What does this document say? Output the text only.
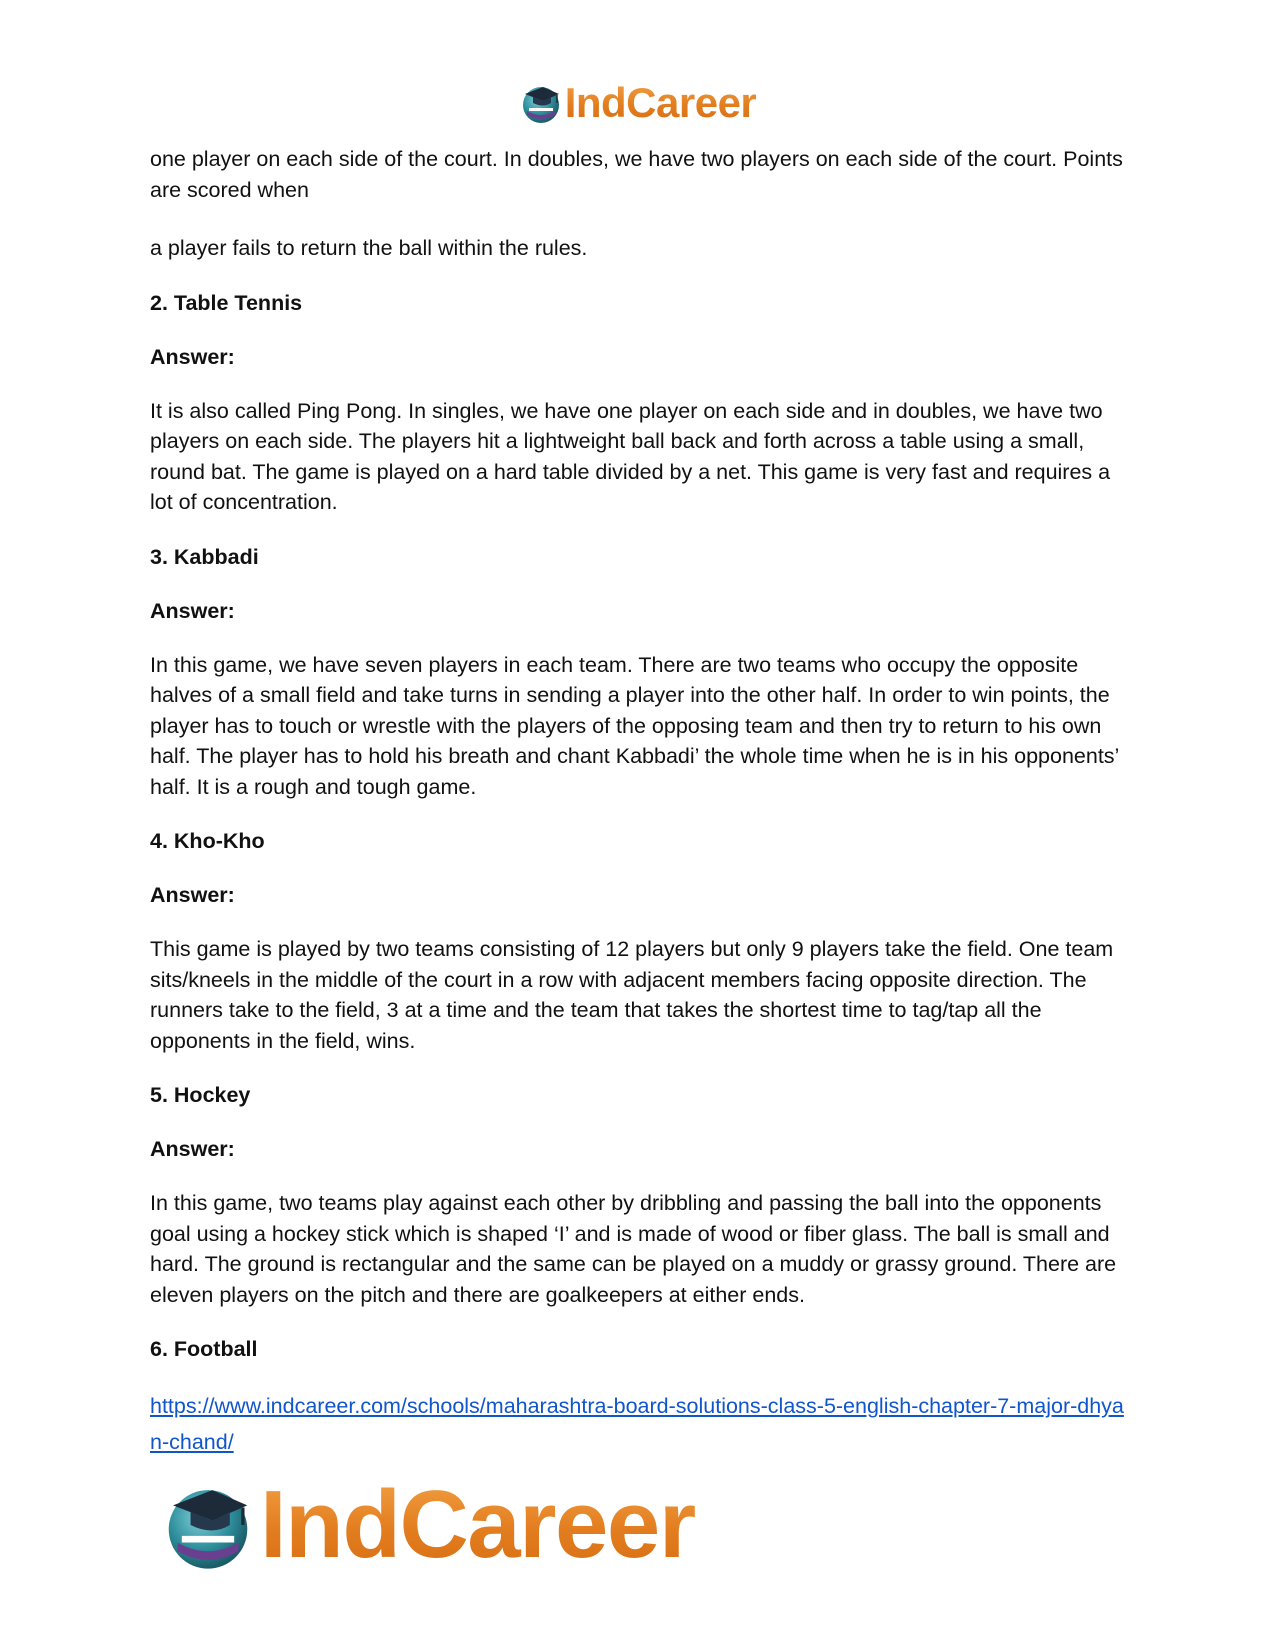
IndCareer

one player on each side of the court. In doubles, we have two players on each side of the court. Points are scored when

a player fails to return the ball within the rules.

2. Table Tennis
Answer:

It is also called Ping Pong. In singles, we have one player on each side and in doubles, we have two players on each side. The players hit a lightweight ball back and forth across a table using a small, round bat. The game is played on a hard table divided by a net. This game is very fast and requires a lot of concentration.

3. Kabbadi
Answer:

In this game, we have seven players in each team. There are two teams who occupy the opposite halves of a small field and take turns in sending a player into the other half. In order to win points, the player has to touch or wrestle with the players of the opposing team and then try to return to his own half. The player has to hold his breath and chant Kabbadi’ the whole time when he is in his opponents’ half. It is a rough and tough game.

4. Kho-Kho
Answer:

This game is played by two teams consisting of 12 players but only 9 players take the field. One team sits/kneels in the middle of the court in a row with adjacent members facing opposite direction. The runners take to the field, 3 at a time and the team that takes the shortest time to tag/tap all the opponents in the field, wins.

5. Hockey
Answer:

In this game, two teams play against each other by dribbling and passing the ball into the opponents goal using a hockey stick which is shaped ‘I’ and is made of wood or fiber glass. The ball is small and hard. The ground is rectangular and the same can be played on a muddy or grassy ground. There are eleven players on the pitch and there are goalkeepers at either ends.

6. Football
https://www.indcareer.com/schools/maharashtra-board-solutions-class-5-english-chapter-7-major-dhyan-chand/
IndCareer
